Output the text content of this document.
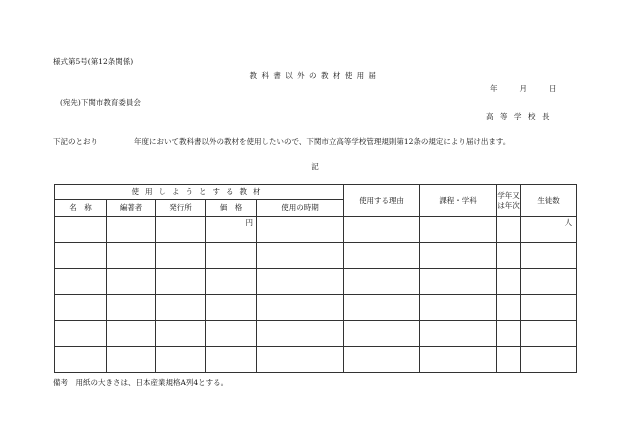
様式第5号(第12条関係)
教科書以外の教材使用届
年	月	日
(宛先)下関市教育委員会
高等学校長
下記のとおり	年度において教科書以外の教材を使用したいので、下関市立高等学校管理規則第12条の規定により届け出ます。
記
使用しようとする教材					使用する理由	課程・学科	学年又は年次	生徒数
名　称	編著者	発行所	価　格	使用の時期				
			円					人

備考　用紙の大きさは、日本産業規格A列4とする。
